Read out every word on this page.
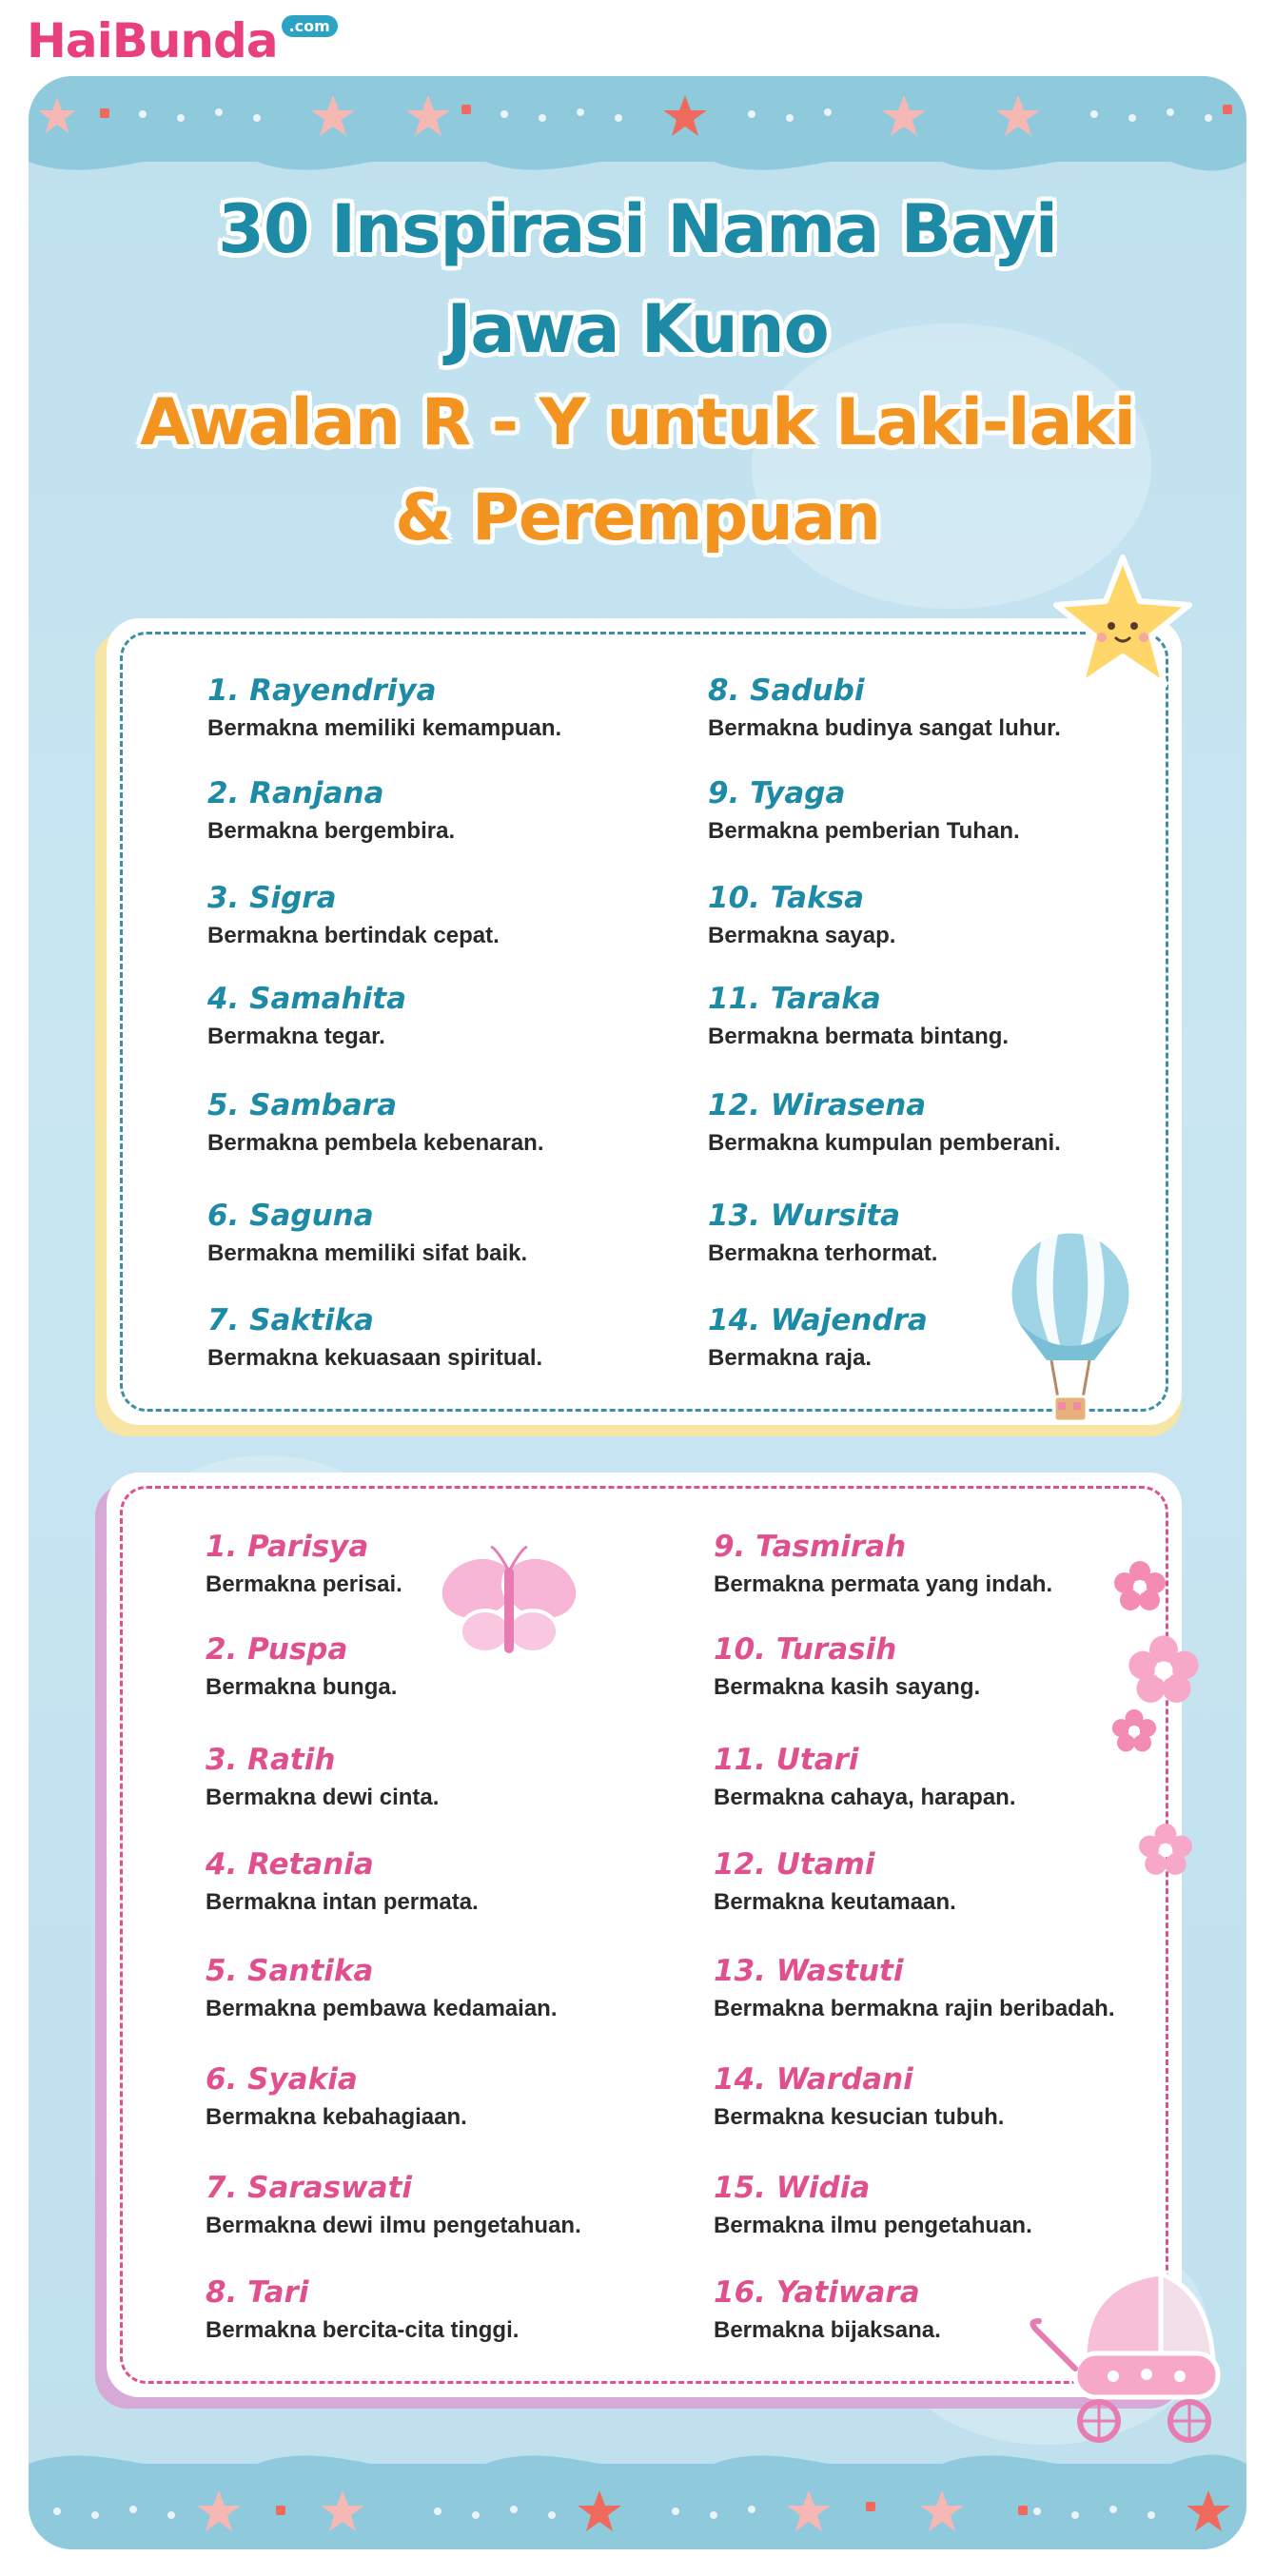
HaiBunda .com
30 Inspirasi Nama Bayi
Jawa Kuno
Awalan R - Y untuk Laki-laki
& Perempuan
1. Rayendriya
Bermakna memiliki kemampuan.
2. Ranjana
Bermakna bergembira.
3. Sigra
Bermakna bertindak cepat.
4. Samahita
Bermakna tegar.
5. Sambara
Bermakna pembela kebenaran.
6. Saguna
Bermakna memiliki sifat baik.
7. Saktika
Bermakna kekuasaan spiritual.
8. Sadubi
Bermakna budinya sangat luhur.
9. Tyaga
Bermakna pemberian Tuhan.
10. Taksa
Bermakna sayap.
11. Taraka
Bermakna bermata bintang.
12. Wirasena
Bermakna kumpulan pemberani.
13. Wursita
Bermakna terhormat.
14. Wajendra
Bermakna raja.
1. Parisya
Bermakna perisai.
2. Puspa
Bermakna bunga.
3. Ratih
Bermakna dewi cinta.
4. Retania
Bermakna intan permata.
5. Santika
Bermakna pembawa kedamaian.
6. Syakia
Bermakna kebahagiaan.
7. Saraswati
Bermakna dewi ilmu pengetahuan.
8. Tari
Bermakna bercita-cita tinggi.
9. Tasmirah
Bermakna permata yang indah.
10. Turasih
Bermakna kasih sayang.
11. Utari
Bermakna cahaya, harapan.
12. Utami
Bermakna keutamaan.
13. Wastuti
Bermakna bermakna rajin beribadah.
14. Wardani
Bermakna kesucian tubuh.
15. Widia
Bermakna ilmu pengetahuan.
16. Yatiwara
Bermakna bijaksana.
